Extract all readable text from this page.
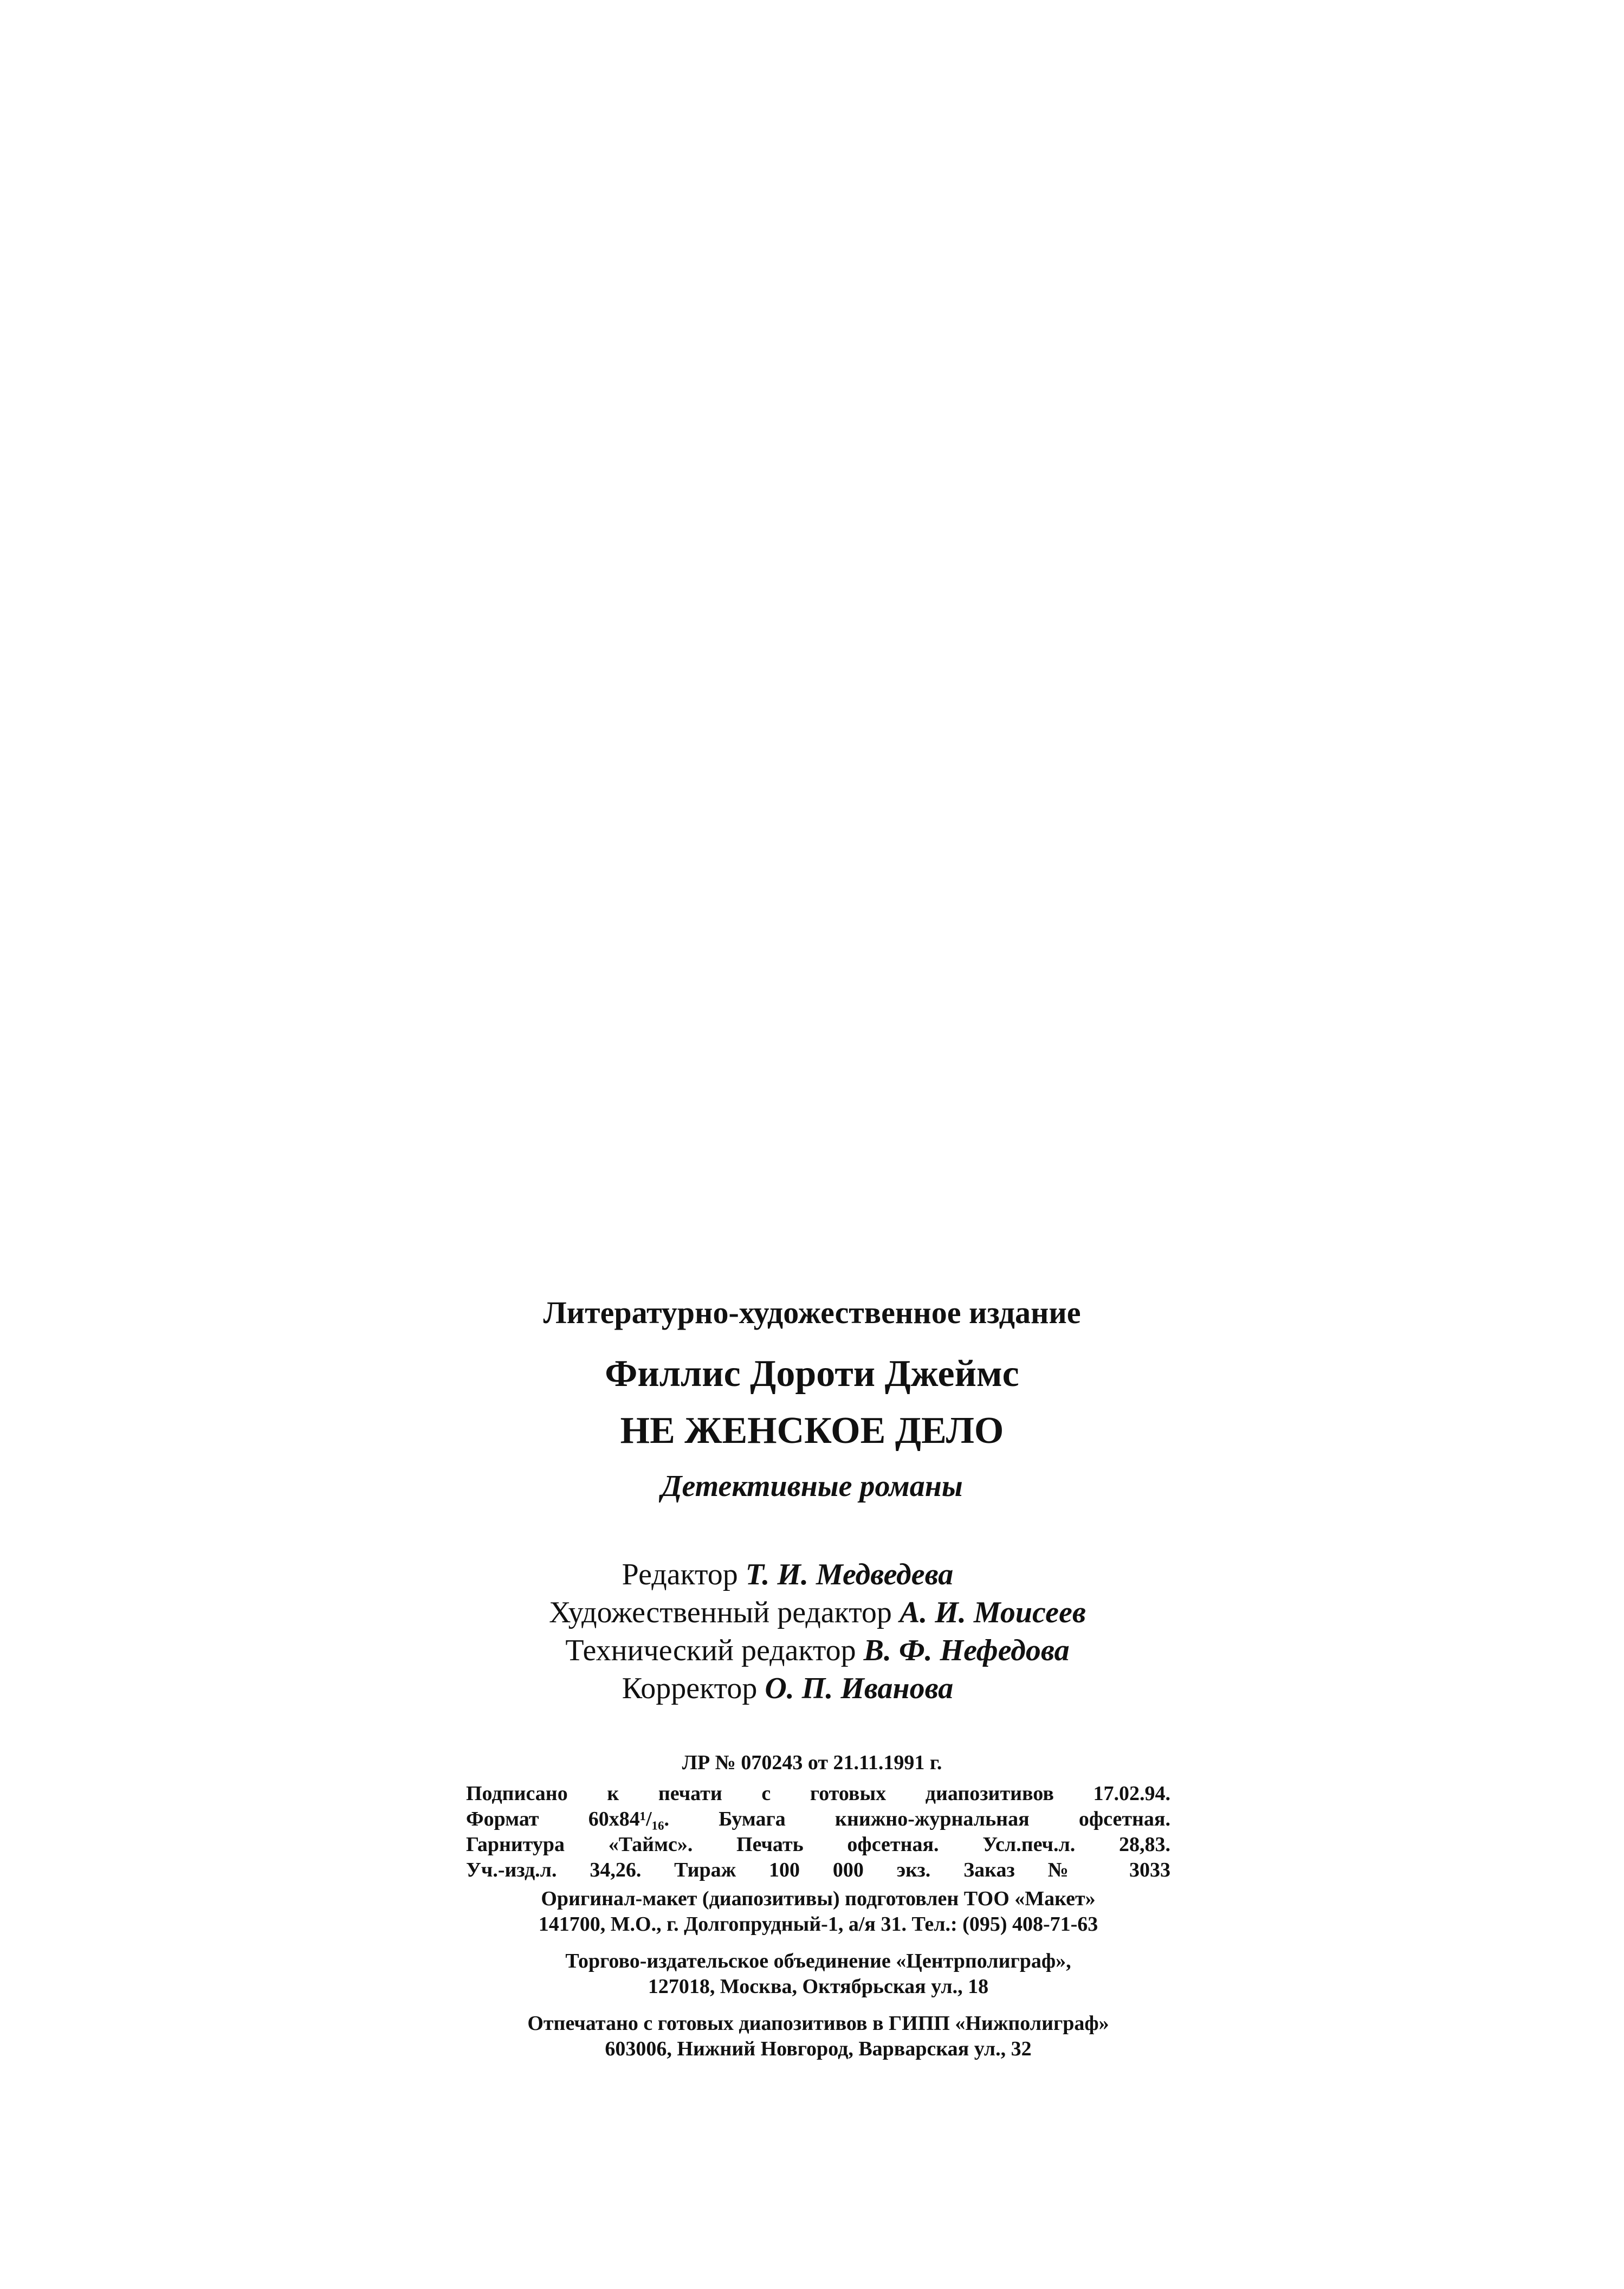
Литературно-художественное издание
Филлис Дороти Джеймс
НЕ ЖЕНСКОЕ ДЕЛО
Детективные романы
Редактор Т. И. Медведева
Художественный редактор А. И. Моисеев
Технический редактор В. Ф. Нефедова
Корректор О. П. Иванова
ЛР № 070243 от 21.11.1991 г.
Подписано к печати с готовых диапозитивов 17.02.94.
Формат 60х84¹/₁₆. Бумага книжно-журнальная офсетная.
Гарнитура «Таймс». Печать офсетная. Усл.печ.л. 28,83.
Уч.-изд.л. 34,26. Тираж 100 000 экз. Заказ № 3033
Оригинал-макет (диапозитивы) подготовлен ТОО «Макет»
141700, М.О., г. Долгопрудный-1, а/я 31. Тел.: (095) 408-71-63
Торгово-издательское объединение «Центрполиграф»,
127018, Москва, Октябрьская ул., 18
Отпечатано с готовых диапозитивов в ГИПП «Нижполиграф»
603006, Нижний Новгород, Варварская ул., 32
